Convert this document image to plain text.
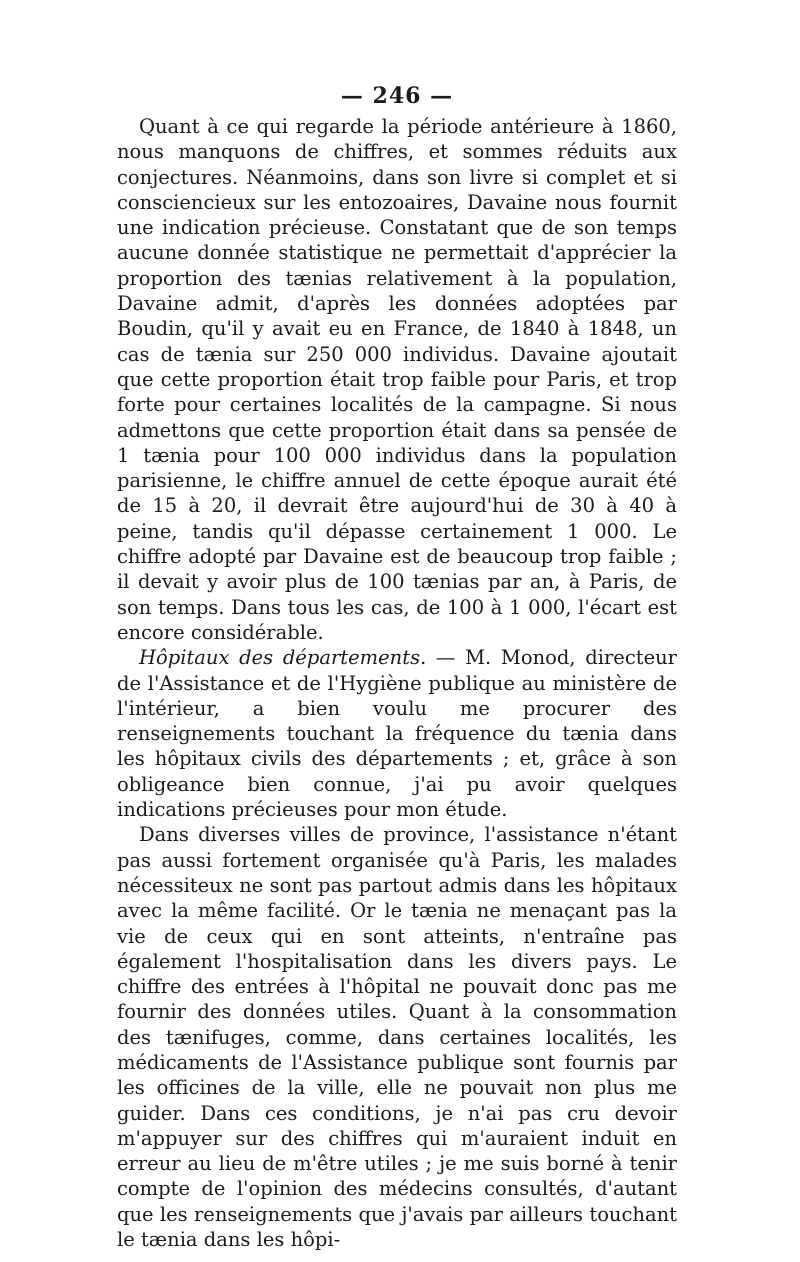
— 246 —

Quant à ce qui regarde la période antérieure à 1860, nous manquons de chiffres, et sommes réduits aux conjectures. Néanmoins, dans son livre si complet et si consciencieux sur les entozoaires, Davaine nous fournit une indication précieuse. Constatant que de son temps aucune donnée statistique ne permettait d'apprécier la proportion des tænias relativement à la population, Davaine admit, d'après les données adoptées par Boudin, qu'il y avait eu en France, de 1840 à 1848, un cas de tænia sur 250 000 individus. Davaine ajoutait que cette proportion était trop faible pour Paris, et trop forte pour certaines localités de la campagne. Si nous admettons que cette proportion était dans sa pensée de 1 tænia pour 100 000 individus dans la population parisienne, le chiffre annuel de cette époque aurait été de 15 à 20, il devrait être aujourd'hui de 30 à 40 à peine, tandis qu'il dépasse certainement 1 000. Le chiffre adopté par Davaine est de beaucoup trop faible ; il devait y avoir plus de 100 tænias par an, à Paris, de son temps. Dans tous les cas, de 100 à 1 000, l'écart est encore considérable.

Hôpitaux des départements. — M. Monod, directeur de l'Assistance et de l'Hygiène publique au ministère de l'intérieur, a bien voulu me procurer des renseignements touchant la fréquence du tænia dans les hôpitaux civils des départements ; et, grâce à son obligeance bien connue, j'ai pu avoir quelques indications précieuses pour mon étude.

Dans diverses villes de province, l'assistance n'étant pas aussi fortement organisée qu'à Paris, les malades nécessiteux ne sont pas partout admis dans les hôpitaux avec la même facilité. Or le tænia ne menaçant pas la vie de ceux qui en sont atteints, n'entraîne pas également l'hospitalisation dans les divers pays. Le chiffre des entrées à l'hôpital ne pouvait donc pas me fournir des données utiles. Quant à la consommation des tænifuges, comme, dans certaines localités, les médicaments de l'Assistance publique sont fournis par les officines de la ville, elle ne pouvait non plus me guider. Dans ces conditions, je n'ai pas cru devoir m'appuyer sur des chiffres qui m'auraient induit en erreur au lieu de m'être utiles ; je me suis borné à tenir compte de l'opinion des médecins consultés, d'autant que les renseignements que j'avais par ailleurs touchant le tænia dans les hôpi-
